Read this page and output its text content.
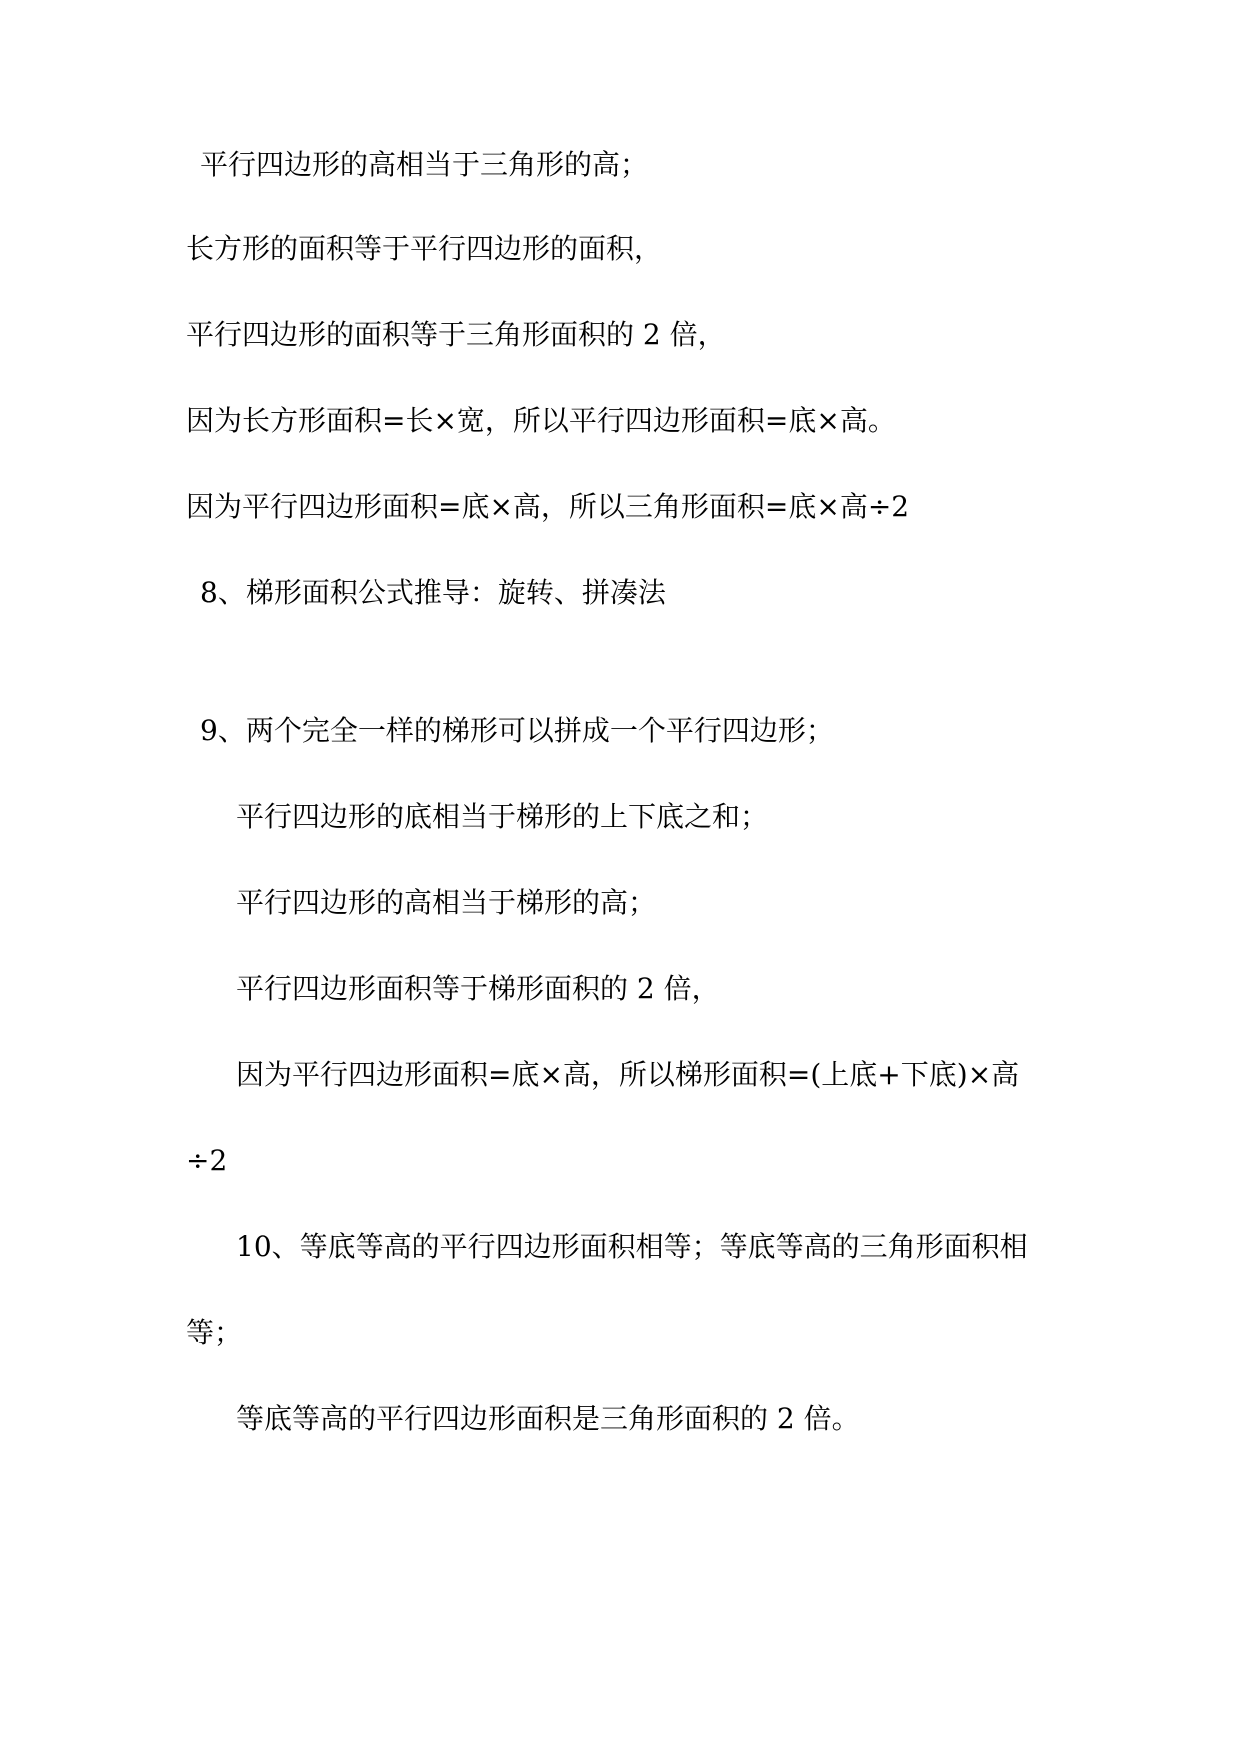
平行四边形的高相当于三角形的高；
长方形的面积等于平行四边形的面积，
平行四边形的面积等于三角形面积的 2 倍，
因为长方形面积=长×宽，所以平行四边形面积=底×高。
因为平行四边形面积=底×高，所以三角形面积=底×高÷2
8、梯形面积公式推导：旋转、拼凑法
9、两个完全一样的梯形可以拼成一个平行四边形；
平行四边形的底相当于梯形的上下底之和；
平行四边形的高相当于梯形的高；
平行四边形面积等于梯形面积的 2 倍，
因为平行四边形面积=底×高，所以梯形面积=(上底+下底)×高
÷2
10、等底等高的平行四边形面积相等；等底等高的三角形面积相
等；
等底等高的平行四边形面积是三角形面积的 2 倍。
